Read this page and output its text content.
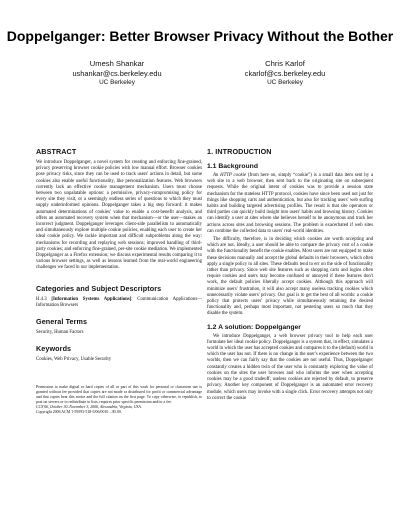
Doppelganger: Better Browser Privacy Without the Bother
Umesh Shankar
ushankar@cs.berkeley.edu
UC Berkeley
Chris Karlof
ckarlof@cs.berkeley.edu
UC Berkeley
ABSTRACT

We introduce Doppelganger, a novel system for creating and enforcing fine-grained, privacy preserving browser cookie policies with low manual effort. Browser cookies pose privacy risks, since they can be used to track users' actions in detail, but some cookies also enable useful functionality, like personalization features. Web browsers currently lack an effective cookie management mechanism. Users must choose between two unpalatable options: a permissive, privacy-compromising policy for every site they visit, or a seemingly endless series of questions to which they must supply underinformed opinions. Doppelganger takes a big step forward: it makes automated determinations of cookies' value to enable a cost-benefit analysis, and offers an automated recovery system when that mechanism—or the user—makes an incorrect judgment. Doppelganger leverages client-side parallelism to automatically and simultaneously explore multiple cookie policies, enabling each user to create her ideal cookie policy. We tackle important and difficult subproblems along the way: mechanisms for recording and replaying web sessions; improved handling of third-party cookies; and enforcing fine-grained, per-site cookie mediation. We implemented Doppelganger as a Firefox extension; we discuss experimental results comparing it to various browser settings, as well as lessons learned from the real-world engineering challenges we faced in our implementation.

Categories and Subject Descriptors

H.4.3 [Information Systems Applications]: Communication Applications—Information Browsers

General Terms

Security, Human Factors

Keywords

Cookies, Web Privacy, Usable Security

Permission to make digital or hard copies of all or part of this work for personal or classroom use is granted without fee provided that copies are not made or distributed for profit or commercial advantage and that copies bear this notice and the full citation on the first page. To copy otherwise, to republish, to post on servers or to redistribute to lists, requires prior specific permission and/or a fee.

CCS'06, October 30–November 3, 2006, Alexandria, Virginia, USA.

Copyright 2006 ACM 1-59593-518-5/06/0010 ...$5.00.

1. INTRODUCTION
1.1 Background

An HTTP cookie (from here on, simply “cookie”) is a small data item sent by a web site to a web browser, then sent back to the originating site on subsequent requests. While the original intent of cookies was to provide a session state mechanism for the stateless HTTP protocol, cookies have since been used not just for things like shopping carts and authentication, but also for tracking users' web surfing habits and building targeted advertising profiles. The result is that site operators or third parties can quickly build insight into users' habits and browsing history. Cookies can identify a user at sites where she believes herself to be anonymous and track her actions across sites and browsing sessions. The problem is exacerbated if web sites can combine the collected data to users' real-world identities.

The difficulty, therefore, is in deciding which cookies are worth accepting and which are not. Ideally, a user should be able to compare the privacy cost of a cookie with the functionality benefit the cookie enables. Most users are not equipped to make these decisions manually and accept the global defaults in their browsers, which often apply a single policy to all sites. These defaults tend to err on the side of functionality rather than privacy. Since web site features such as shopping carts and logins often require cookies and users may become confused or annoyed if these features don't work, the default policies liberally accept cookies. Although this approach will minimize users' frustration, it will also accept many useless tracking cookies which unnecessarily violate users' privacy. Our goal is to get the best of all worlds: a cookie policy that protects users' privacy while simultaneously retaining the desired functionality and, perhaps most important, not pestering users so much that they disable the system.

1.2 A solution: Doppelganger

We introduce Doppelganger, a web browser privacy tool to help each user formulate her ideal cookie policy. Doppelganger is a system that, in effect, simulates a world in which the user has accepted cookies and compares it to the (default) world in which the user has not. If there is no change in the user's experience between the two worlds, then we can fairly say that the cookies are not useful. Thus, Doppelganger constantly creates a hidden twin of the user who is constantly exploring the value of cookies on the sites the user browses and who informs the user when accepting cookies may be a good tradeoff; useless cookies are rejected by default, to preserve privacy. Another key component of Doppelganger is an automated error recovery module, which users may invoke with a single click. Error recovery attempts not only to correct the cookie
